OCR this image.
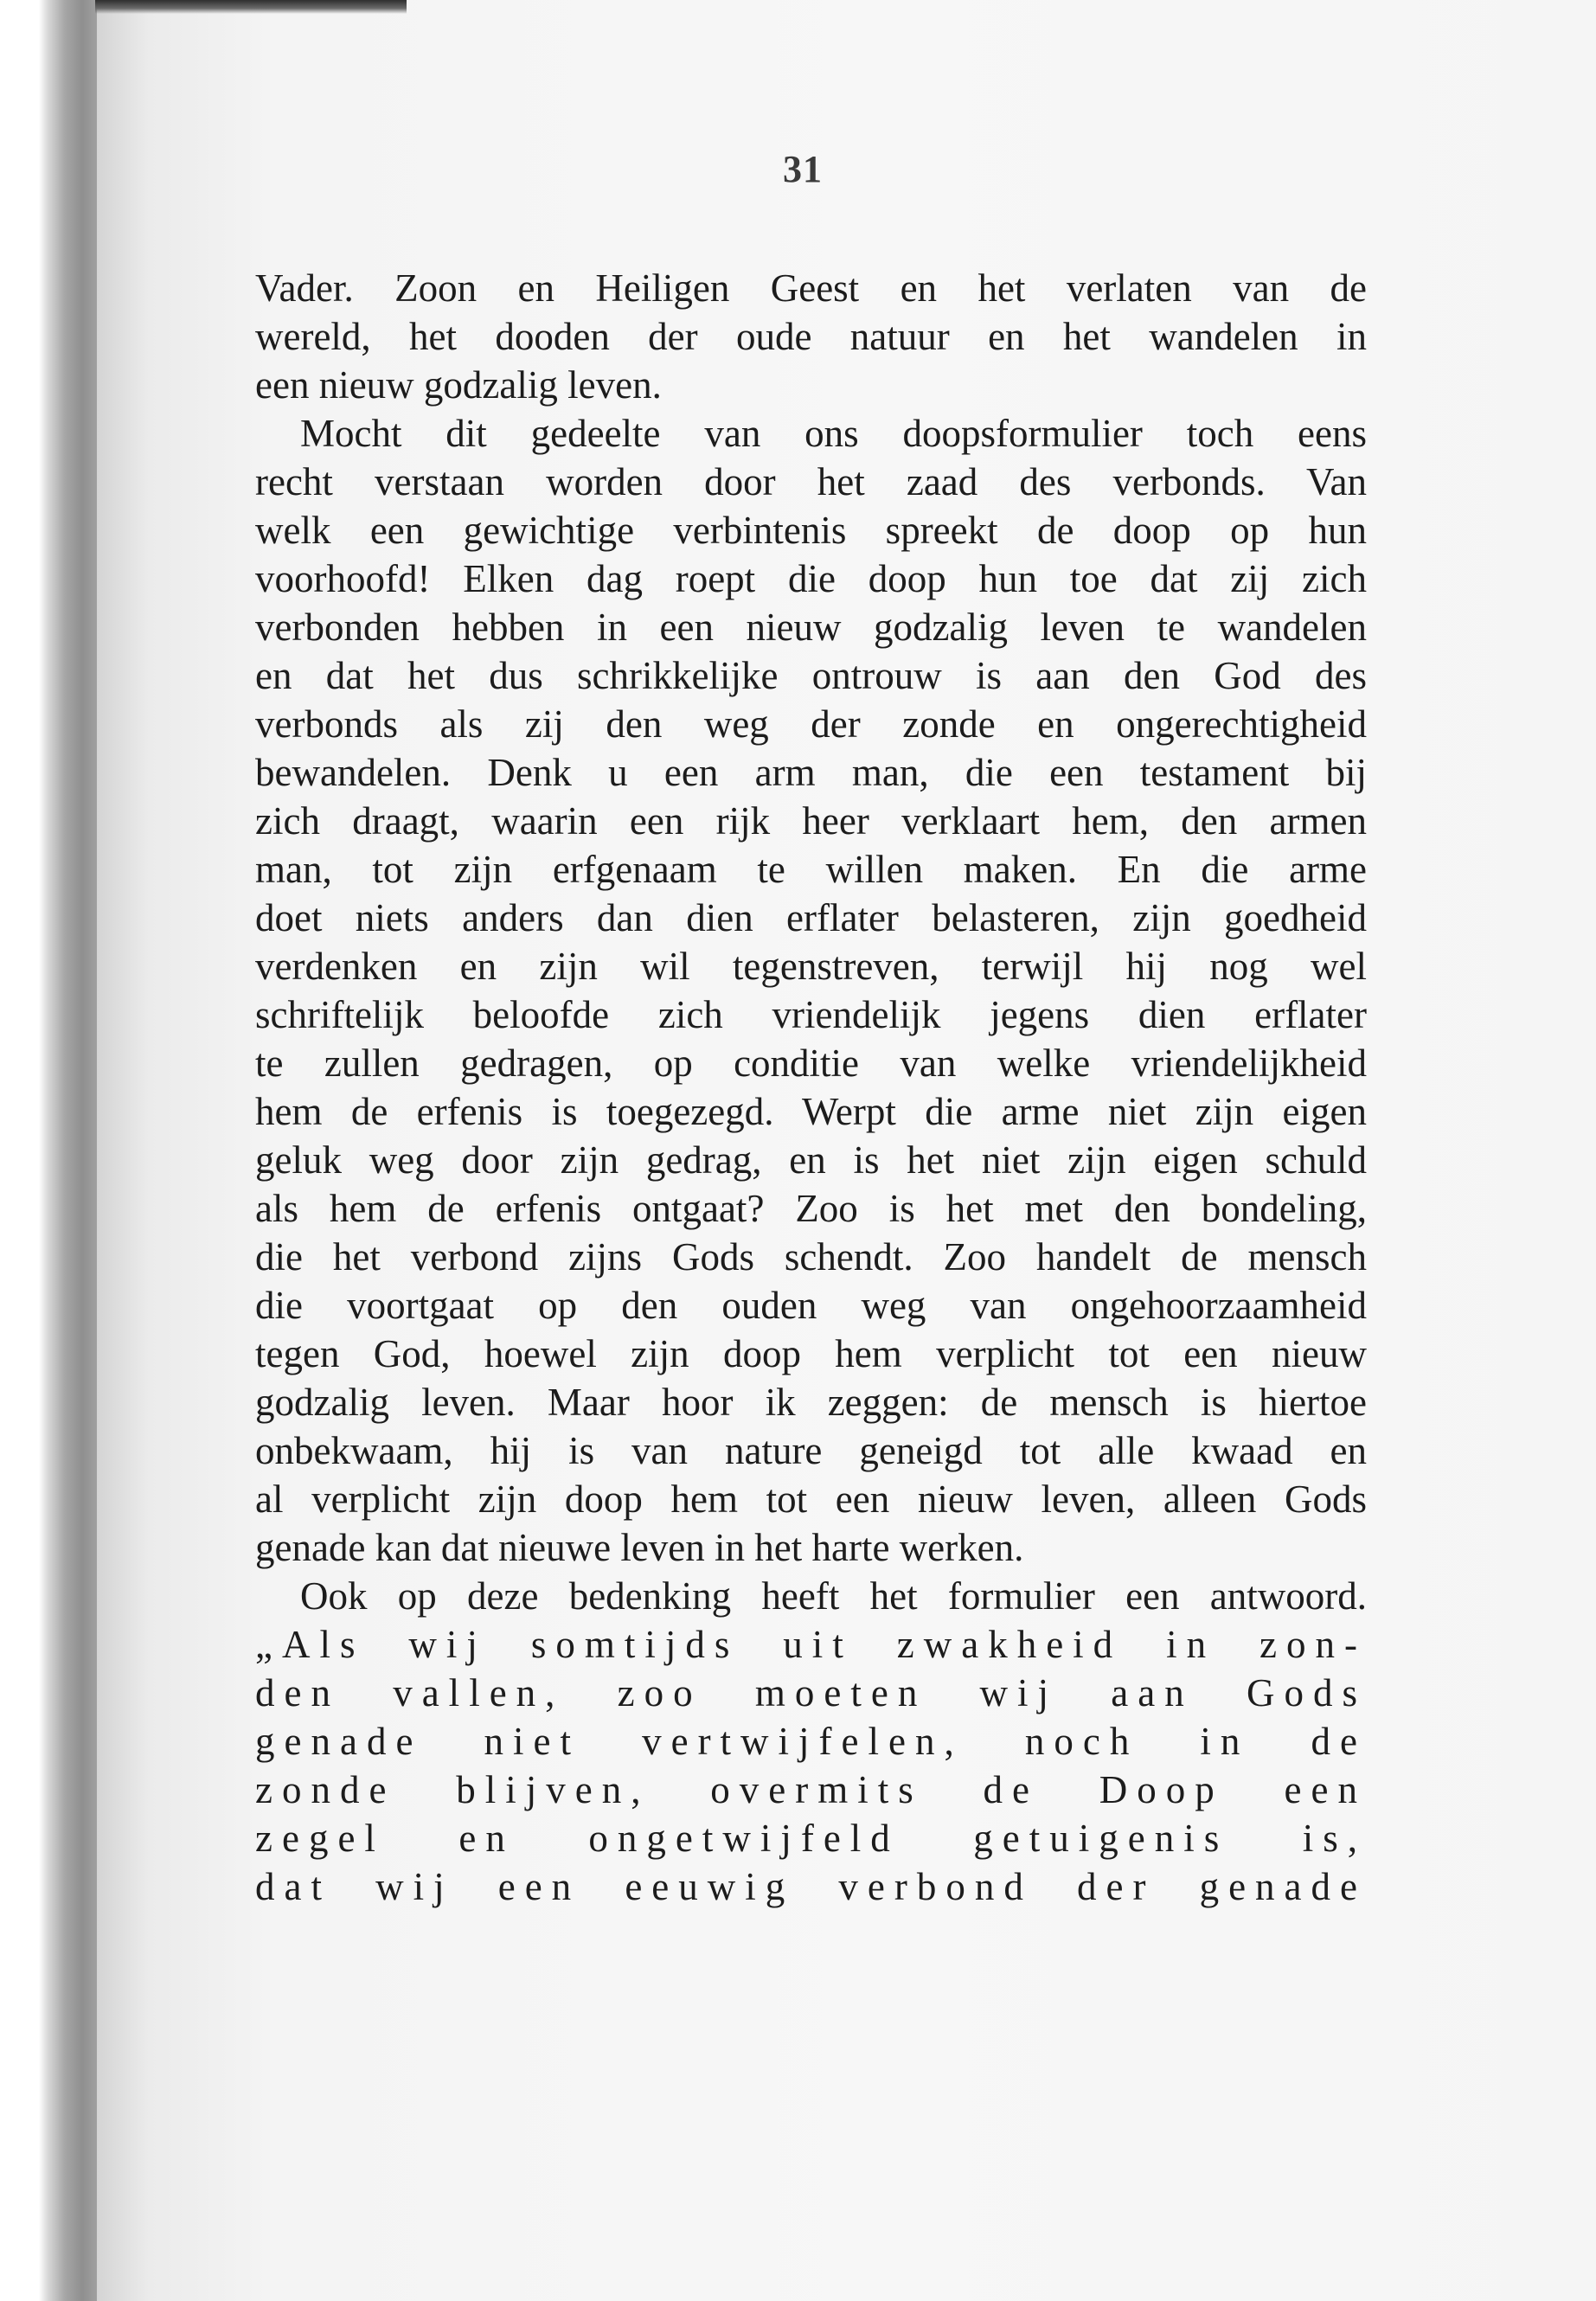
31
Vader. Zoon en Heiligen Geest en het verlaten van de
wereld, het dooden der oude natuur en het wandelen in
een nieuw godzalig leven.
Mocht dit gedeelte van ons doopsformulier toch eens
recht verstaan worden door het zaad des verbonds. Van
welk een gewichtige verbintenis spreekt de doop op hun
voorhoofd! Elken dag roept die doop hun toe dat zij zich
verbonden hebben in een nieuw godzalig leven te wandelen
en dat het dus schrikkelijke ontrouw is aan den God des
verbonds als zij den weg der zonde en ongerechtigheid
bewandelen. Denk u een arm man, die een testament bij
zich draagt, waarin een rijk heer verklaart hem, den armen
man, tot zijn erfgenaam te willen maken. En die arme
doet niets anders dan dien erflater belasteren, zijn goedheid
verdenken en zijn wil tegenstreven, terwijl hij nog wel
schriftelijk beloofde zich vriendelijk jegens dien erflater
te zullen gedragen, op conditie van welke vriendelijkheid
hem de erfenis is toegezegd. Werpt die arme niet zijn eigen
geluk weg door zijn gedrag, en is het niet zijn eigen schuld
als hem de erfenis ontgaat? Zoo is het met den bondeling,
die het verbond zijns Gods schendt. Zoo handelt de mensch
die voortgaat op den ouden weg van ongehoorzaamheid
tegen God, hoewel zijn doop hem verplicht tot een nieuw
godzalig leven. Maar hoor ik zeggen: de mensch is hiertoe
onbekwaam, hij is van nature geneigd tot alle kwaad en
al verplicht zijn doop hem tot een nieuw leven, alleen Gods
genade kan dat nieuwe leven in het harte werken.
Ook op deze bedenking heeft het formulier een antwoord.
„Als wij somtijds uit zwakheid in zon-
den vallen, zoo moeten wij aan Gods
genade niet vertwijfelen, noch in de
zonde blijven, overmits de Doop een
zegel en ongetwijfeld getuigenis is,
dat wij een eeuwig verbond der genade
